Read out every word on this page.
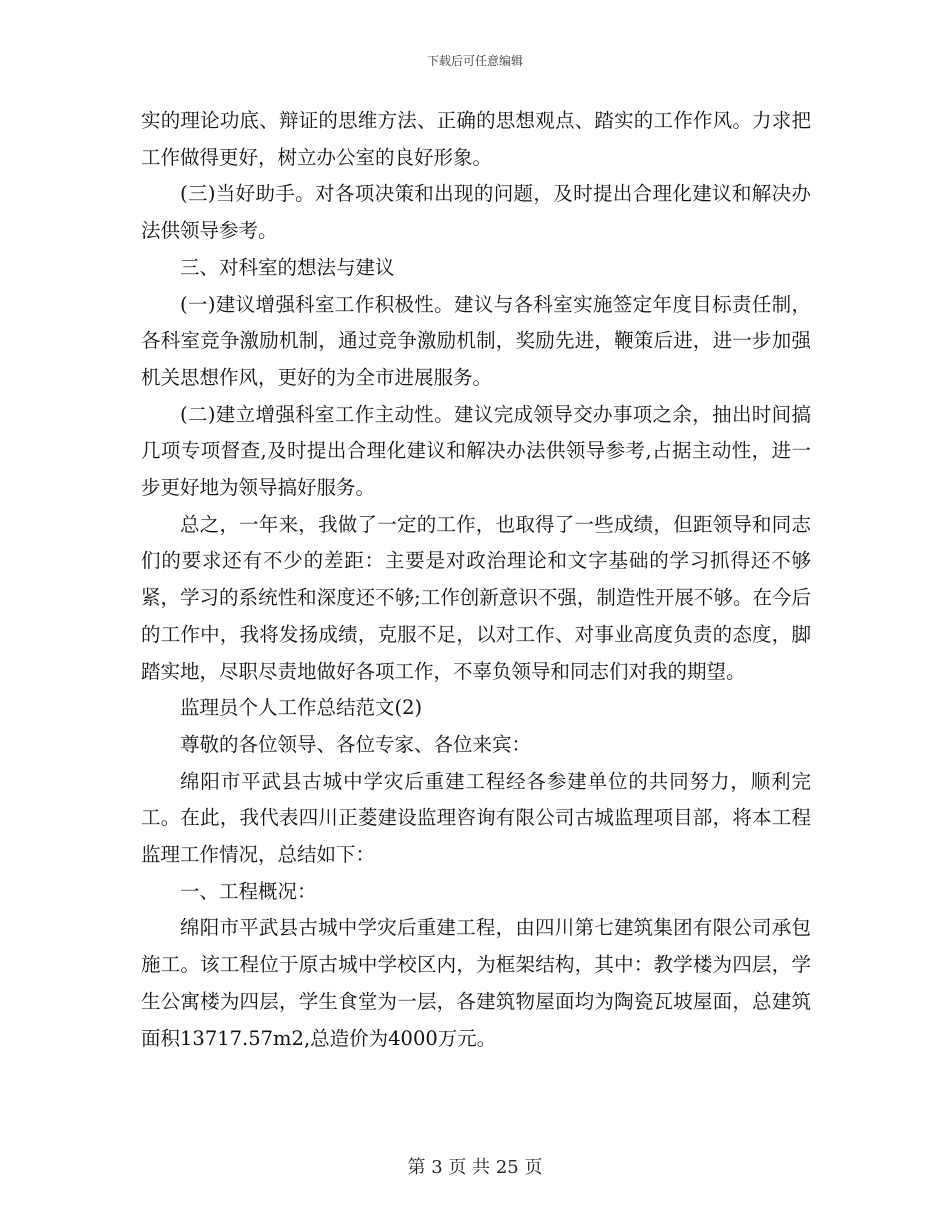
下载后可任意编辑

实的理论功底、辩证的思维方法、正确的思想观点、踏实的工作作风。力求把工作做得更好，树立办公室的良好形象。

(三)当好助手。对各项决策和出现的问题，及时提出合理化建议和解决办法供领导参考。

三、对科室的想法与建议

(一)建议增强科室工作积极性。建议与各科室实施签定年度目标责任制，各科室竞争激励机制，通过竞争激励机制，奖励先进，鞭策后进，进一步加强机关思想作风，更好的为全市进展服务。

(二)建立增强科室工作主动性。建议完成领导交办事项之余，抽出时间搞几项专项督查,及时提出合理化建议和解决办法供领导参考,占据主动性，进一步更好地为领导搞好服务。

总之，一年来，我做了一定的工作，也取得了一些成绩，但距领导和同志们的要求还有不少的差距：主要是对政治理论和文字基础的学习抓得还不够紧，学习的系统性和深度还不够;工作创新意识不强，制造性开展不够。在今后的工作中，我将发扬成绩，克服不足，以对工作、对事业高度负责的态度，脚踏实地，尽职尽责地做好各项工作，不辜负领导和同志们对我的期望。

监理员个人工作总结范文(2)

尊敬的各位领导、各位专家、各位来宾：

绵阳市平武县古城中学灾后重建工程经各参建单位的共同努力，顺利完工。在此，我代表四川正菱建设监理咨询有限公司古城监理项目部，将本工程监理工作情况，总结如下：

一、工程概况：

绵阳市平武县古城中学灾后重建工程，由四川第七建筑集团有限公司承包施工。该工程位于原古城中学校区内，为框架结构，其中：教学楼为四层，学生公寓楼为四层，学生食堂为一层，各建筑物屋面均为陶瓷瓦坡屋面，总建筑面积13717.57m2,总造价为4000万元。

第 3 页 共 25 页
